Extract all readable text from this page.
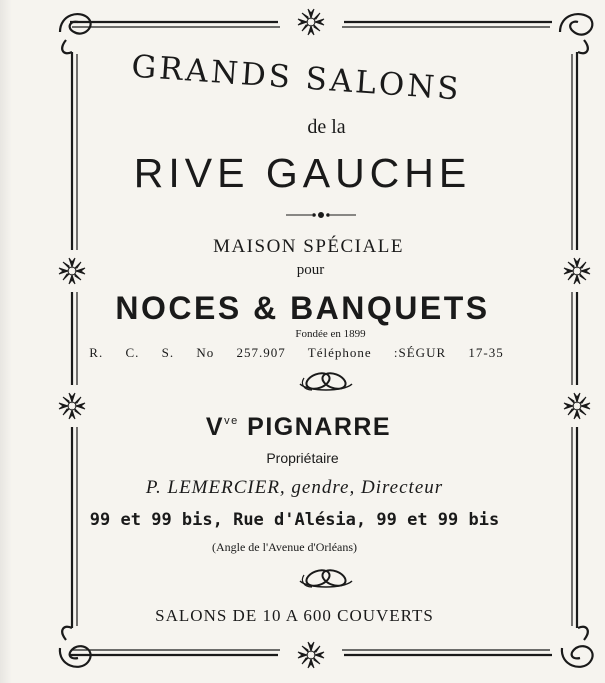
GRANDS SALONS
de la
RIVE GAUCHE
MAISON SPÉCIALE
pour
NOCES & BANQUETS
Fondée en 1899
R. C. S. No 257.907 Téléphone :SÉGUR 17-35
$V^{ve}$ PIGNARRE
Propriétaire
P. LEMERCIER, gendre, Directeur
99 et 99 bis, Rue d'Alésia, 99 et 99 bis
(Angle de l'Avenue d'Orléans)
SALONS DE 10 A 600 COUVERTS
